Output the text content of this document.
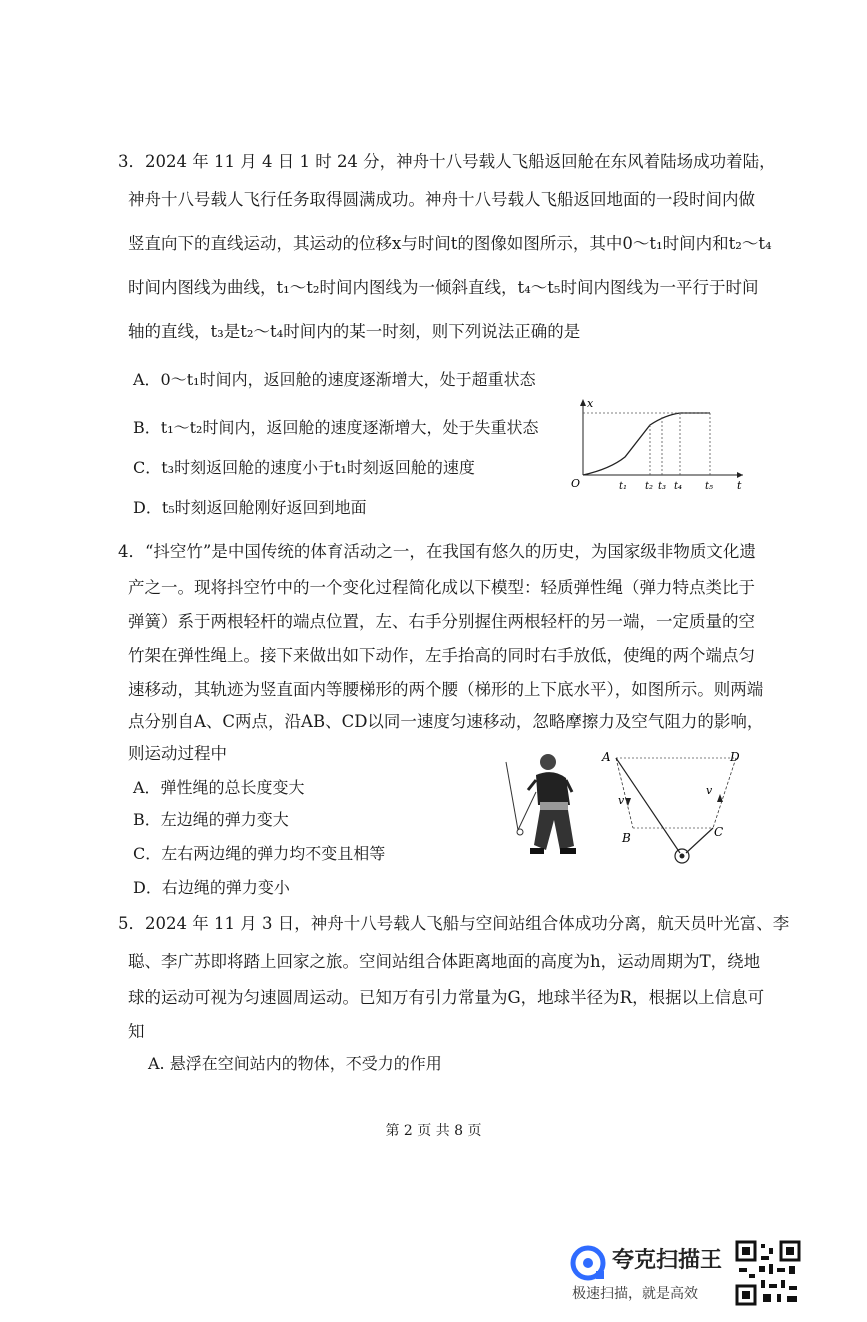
3．2024 年 11 月 4 日 1 时 24 分，神舟十八号载人飞船返回舱在东风着陆场成功着陆，
神舟十八号载人飞行任务取得圆满成功。神舟十八号载人飞船返回地面的一段时间内做
竖直向下的直线运动，其运动的位移x与时间t的图像如图所示，其中0～t₁时间内和t₂～t₄
时间内图线为曲线，t₁～t₂时间内图线为一倾斜直线，t₄～t₅时间内图线为一平行于时间
轴的直线，t₃是t₂～t₄时间内的某一时刻，则下列说法正确的是
A．0～t₁时间内，返回舱的速度逐渐增大，处于超重状态
B．t₁～t₂时间内，返回舱的速度逐渐增大，处于失重状态
C．t₃时刻返回舱的速度小于t₁时刻返回舱的速度
D．t₅时刻返回舱刚好返回到地面
x
t
O	t₁ t₂ t₃ t₄ t₅
4．“抖空竹”是中国传统的体育活动之一，在我国有悠久的历史，为国家级非物质文化遗
产之一。现将抖空竹中的一个变化过程简化成以下模型：轻质弹性绳（弹力特点类比于
弹簧）系于两根轻杆的端点位置，左、右手分别握住两根轻杆的另一端，一定质量的空
竹架在弹性绳上。接下来做出如下动作，左手抬高的同时右手放低，使绳的两个端点匀
速移动，其轨迹为竖直面内等腰梯形的两个腰（梯形的上下底水平），如图所示。则两端
点分别自A、C两点，沿AB、CD以同一速度匀速移动，忽略摩擦力及空气阻力的影响，
则运动过程中
A．弹性绳的总长度变大
B．左边绳的弹力变大
C．左右两边绳的弹力均不变且相等
D．右边绳的弹力变小
A	D
B	C
v
v
5．2024 年 11 月 3 日，神舟十八号载人飞船与空间站组合体成功分离，航天员叶光富、李
聪、李广苏即将踏上回家之旅。空间站组合体距离地面的高度为h，运动周期为T，绕地
球的运动可视为匀速圆周运动。已知万有引力常量为G，地球半径为R，根据以上信息可
知
A. 悬浮在空间站内的物体，不受力的作用
第 2 页 共 8 页
夸克扫描王
极速扫描，就是高效
